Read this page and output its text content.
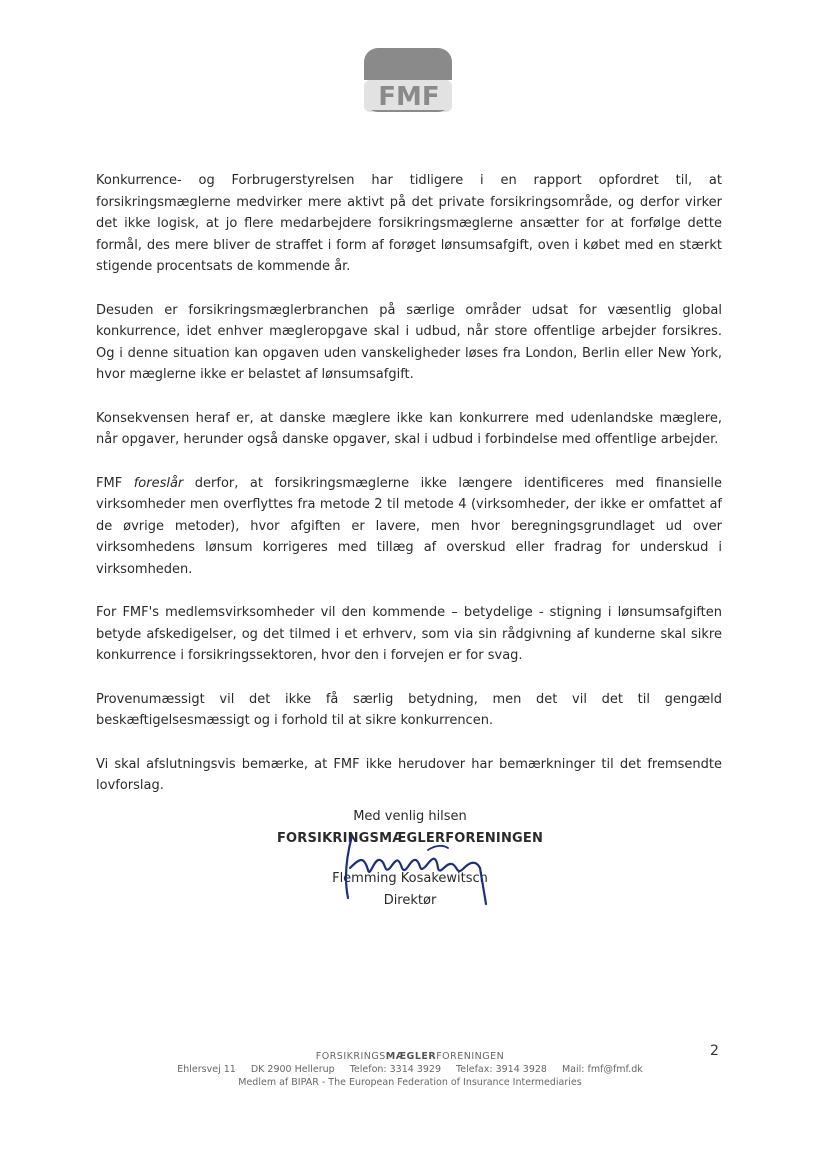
FMF

Konkurrence- og Forbrugerstyrelsen har tidligere i en rapport opfordret til, at forsikringsmæglerne medvirker mere aktivt på det private forsikringsområde, og derfor virker det ikke logisk, at jo flere medarbejdere forsikringsmæglerne ansætter for at forfølge dette formål, des mere bliver de straffet i form af forøget lønsumsafgift, oven i købet med en stærkt stigende procentsats de kommende år.

Desuden er forsikringsmæglerbranchen på særlige områder udsat for væsentlig global konkurrence, idet enhver mægleropgave skal i udbud, når store offentlige arbejder forsikres. Og i denne situation kan opgaven uden vanskeligheder løses fra London, Berlin eller New York, hvor mæglerne ikke er belastet af lønsumsafgift.

Konsekvensen heraf er, at danske mæglere ikke kan konkurrere med udenlandske mæglere, når opgaver, herunder også danske opgaver, skal i udbud i forbindelse med offentlige arbejder.

FMF foreslår derfor, at forsikringsmæglerne ikke længere identificeres med finansielle virksomheder men overflyttes fra metode 2 til metode 4 (virksomheder, der ikke er omfattet af de øvrige metoder), hvor afgiften er lavere, men hvor beregningsgrundlaget ud over virksomhedens lønsum korrigeres med tillæg af overskud eller fradrag for underskud i virksomheden.

For FMF's medlemsvirksomheder vil den kommende – betydelige - stigning i lønsumsafgiften betyde afskedigelser, og det tilmed i et erhverv, som via sin rådgivning af kunderne skal sikre konkurrence i forsikringssektoren, hvor den i forvejen er for svag.

Provenumæssigt vil det ikke få særlig betydning, men det vil det til gengæld beskæftigelsesmæssigt og i forhold til at sikre konkurrencen.

Vi skal afslutningsvis bemærke, at FMF ikke herudover har bemærkninger til det fremsendte lovforslag.

Med venlig hilsen
FORSIKRINGSMÆGLERFORENINGEN
Flemming Kosakewitsch
Direktør
FORSIKRINGSMÆGLERFORENINGEN
Ehlersvej 11 DK 2900 Hellerup Telefon: 3314 3929 Telefax: 3914 3928 Mail: fmf@fmf.dk
Medlem af BIPAR - The European Federation of Insurance Intermediaries
2
